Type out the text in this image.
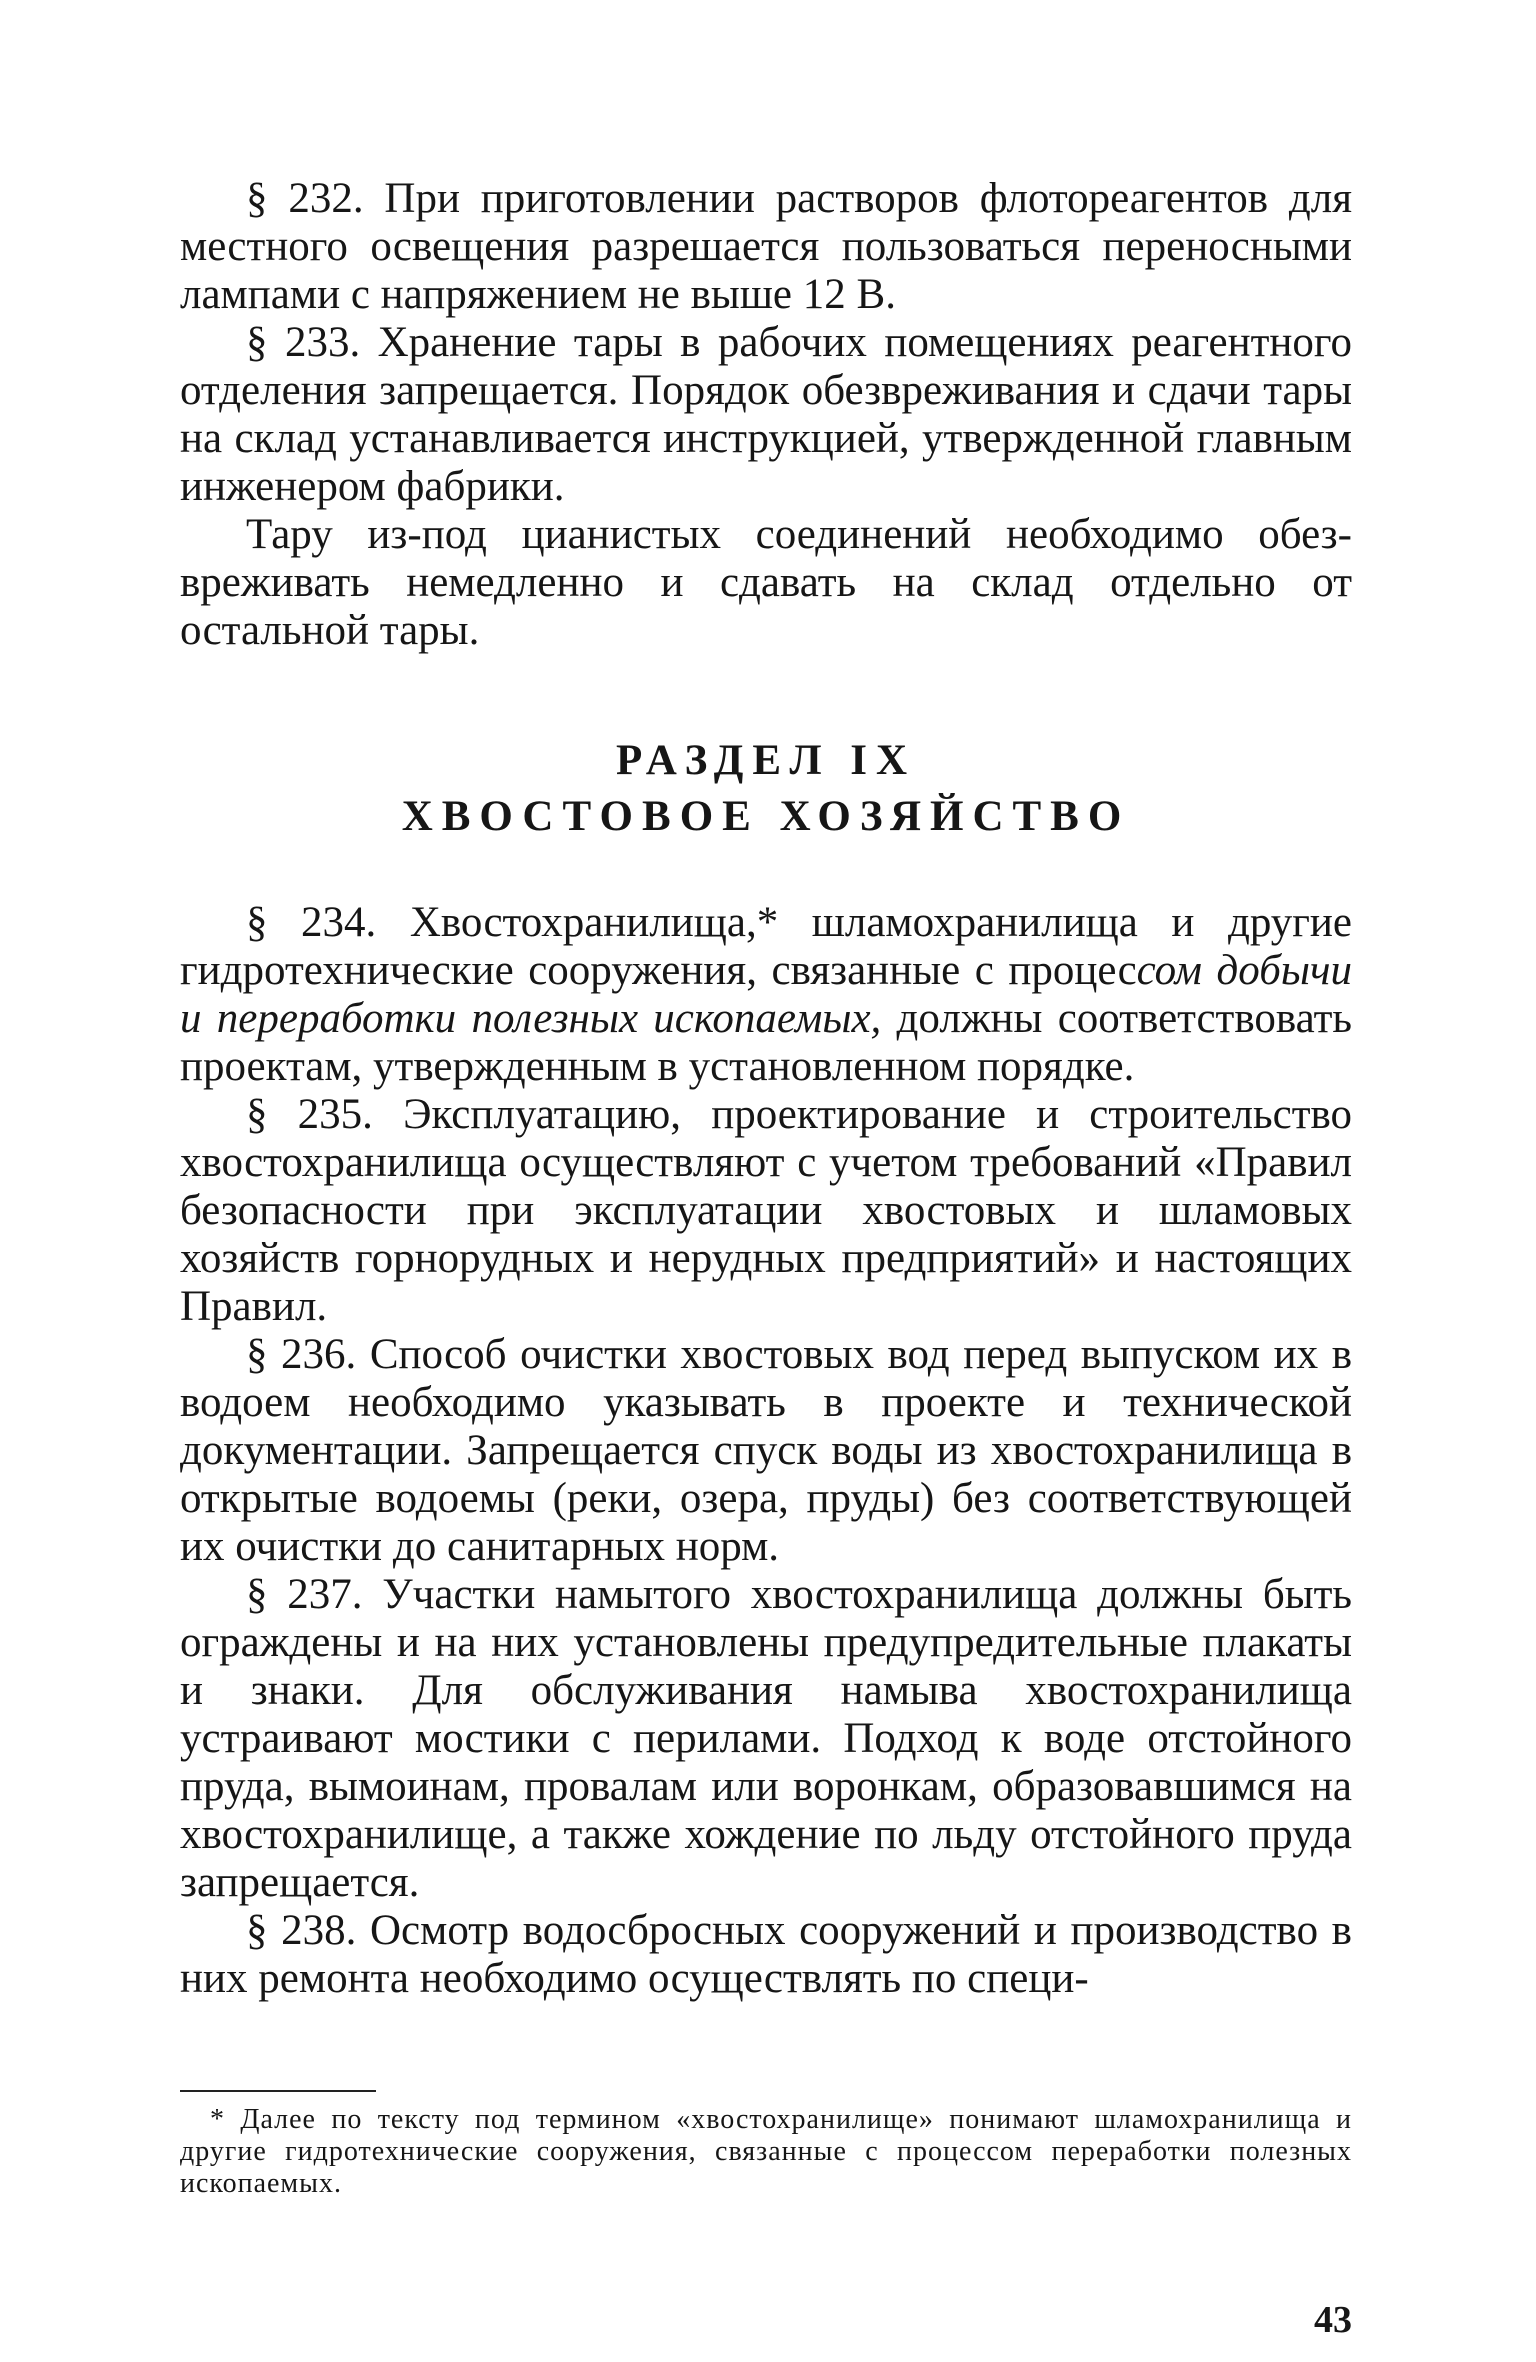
§ 232. При приготовлении растворов флотореагентов для местного освещения разрешается пользоваться переносными лампами с напряжением не выше 12 В.

§ 233. Хранение тары в рабочих помещениях реагентного отделения запрещается. Порядок обезвреживания и сдачи тары на склад устанавливается инструкцией, утвержденной главным инженером фабрики.

Тару из-под цианистых соединений необходимо обезвреживать немедленно и сдавать на склад отдельно от остальной тары.

РАЗДЕЛ IX

ХВОСТОВОЕ ХОЗЯЙСТВО

§ 234. Хвостохранилища,* шламохранилища и другие гидротехнические сооружения, связанные с процессом добычи и переработки полезных ископаемых, должны соответствовать проектам, утвержденным в установленном порядке.

§ 235. Эксплуатацию, проектирование и строительство хвостохранилища осуществляют с учетом требований «Правил безопасности при эксплуатации хвостовых и шламовых хозяйств горнорудных и нерудных предприятий» и настоящих Правил.

§ 236. Способ очистки хвостовых вод перед выпуском их в водоем необходимо указывать в проекте и технической документации. Запрещается спуск воды из хвостохранилища в открытые водоемы (реки, озера, пруды) без соответствующей их очистки до санитарных норм.

§ 237. Участки намытого хвостохранилища должны быть ограждены и на них установлены предупредительные плакаты и знаки. Для обслуживания намыва хвостохранилища устраивают мостики с перилами. Подход к воде отстойного пруда, вымоинам, провалам или воронкам, образовавшимся на хвостохранилище, а также хождение по льду отстойного пруда запрещается.

§ 238. Осмотр водосбросных сооружений и производство в них ремонта необходимо осуществлять по специ-

* Далее по тексту под термином «хвостохранилище» понимают шламохранилища и другие гидротехнические сооружения, связанные с процессом переработки полезных ископаемых.

43
